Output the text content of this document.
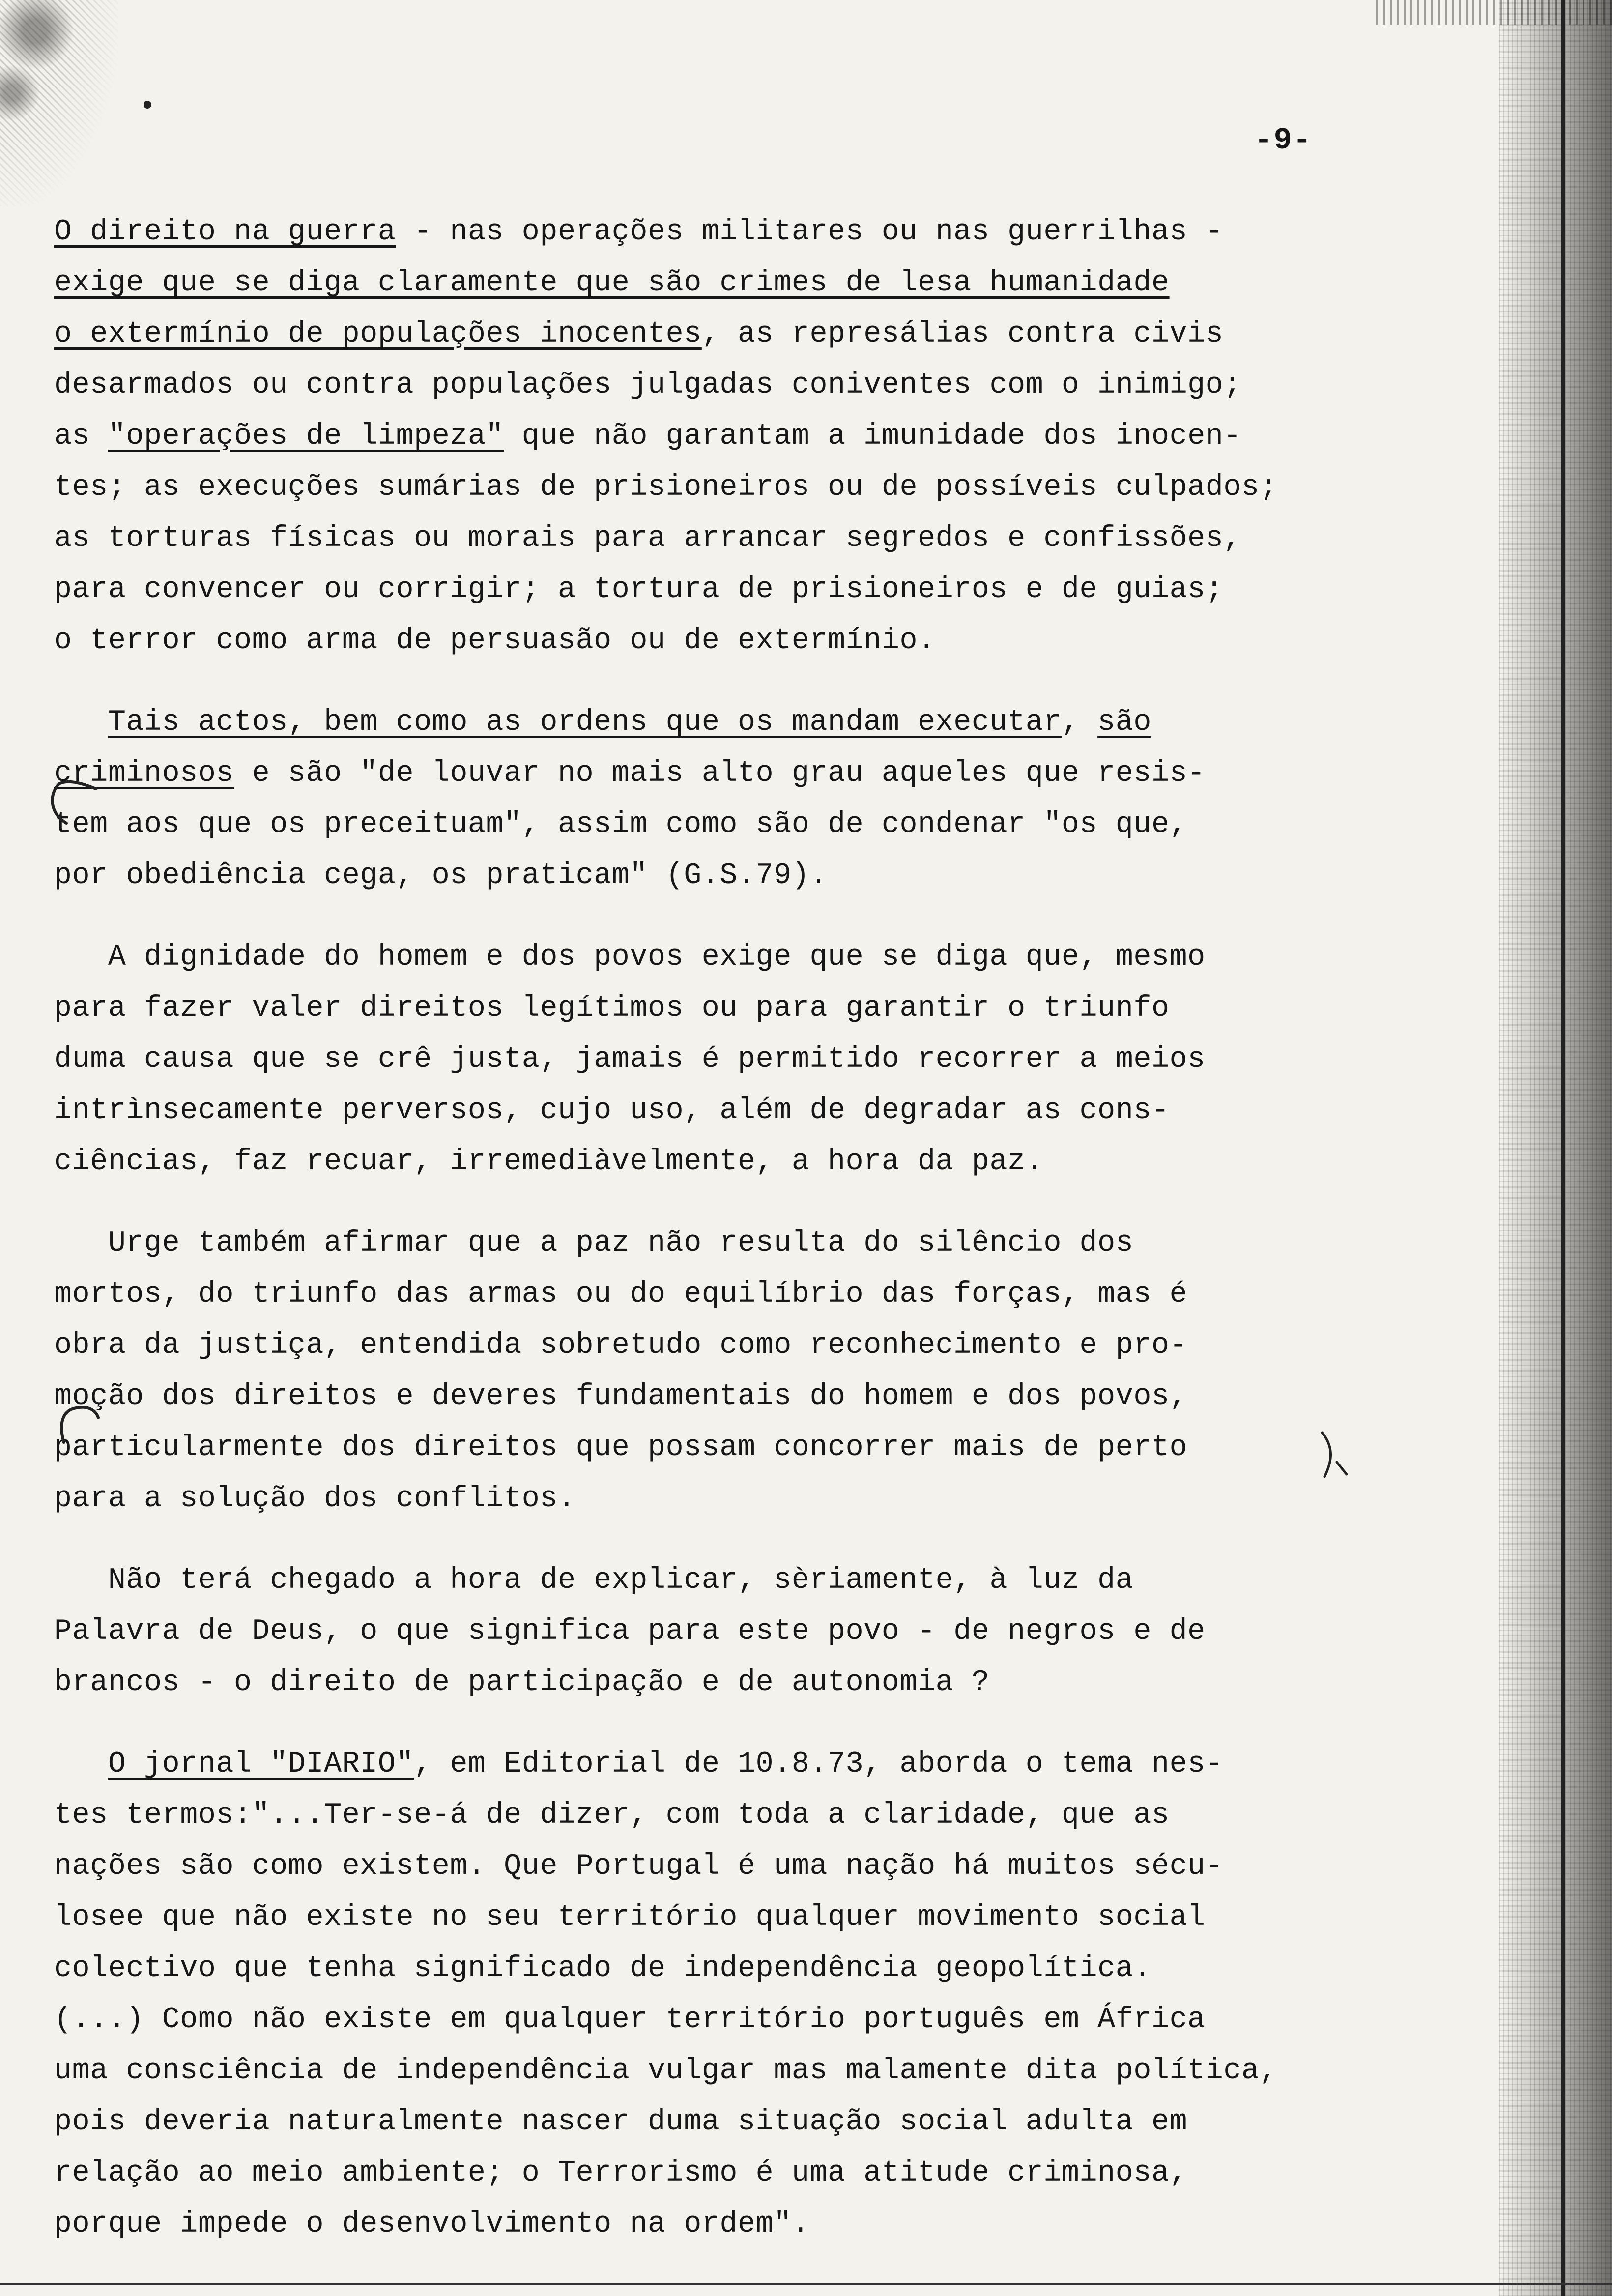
-9-
O direito na guerra - nas operações militares ou nas guerrilhas -
exige que se diga claramente que são crimes de lesa humanidade
o extermínio de populações inocentes, as represálias contra civis
desarmados ou contra populações julgadas coniventes com o inimigo;
as "operações de limpeza" que não garantam a imunidade dos inocen-
tes; as execuções sumárias de prisioneiros ou de possíveis culpados;
as torturas físicas ou morais para arrancar segredos e confissões,
para convencer ou corrigir; a tortura de prisioneiros e de guias;
o terror como arma de persuasão ou de extermínio.
Tais actos, bem como as ordens que os mandam executar, são
criminosos e são "de louvar no mais alto grau aqueles que resis-
tem aos que os preceituam", assim como são de condenar "os que,
por obediência cega, os praticam" (G.S.79).
A dignidade do homem e dos povos exige que se diga que, mesmo
para fazer valer direitos legítimos ou para garantir o triunfo
duma causa que se crê justa, jamais é permitido recorrer a meios
intrìnsecamente perversos, cujo uso, além de degradar as cons-
ciências, faz recuar, irremediàvelmente, a hora da paz.
Urge também afirmar que a paz não resulta do silêncio dos
mortos, do triunfo das armas ou do equilíbrio das forças, mas é
obra da justiça, entendida sobretudo como reconhecimento e pro-
moção dos direitos e deveres fundamentais do homem e dos povos,
particularmente dos direitos que possam concorrer mais de perto
para a solução dos conflitos.
Não terá chegado a hora de explicar, sèriamente, à luz da
Palavra de Deus, o que significa para este povo - de negros e de
brancos - o direito de participação e de autonomia ?
O jornal "DIARIO", em Editorial de 10.8.73, aborda o tema nes-
tes termos:"...Ter-se-á de dizer, com toda a claridade, que as
nações são como existem. Que Portugal é uma nação há muitos sécu-
losee que não existe no seu território qualquer movimento social
colectivo que tenha significado de independência geopolítica.
(...) Como não existe em qualquer território português em África
uma consciência de independência vulgar mas malamente dita política,
pois deveria naturalmente nascer duma situação social adulta em
relação ao meio ambiente; o Terrorismo é uma atitude criminosa,
porque impede o desenvolvimento na ordem".
